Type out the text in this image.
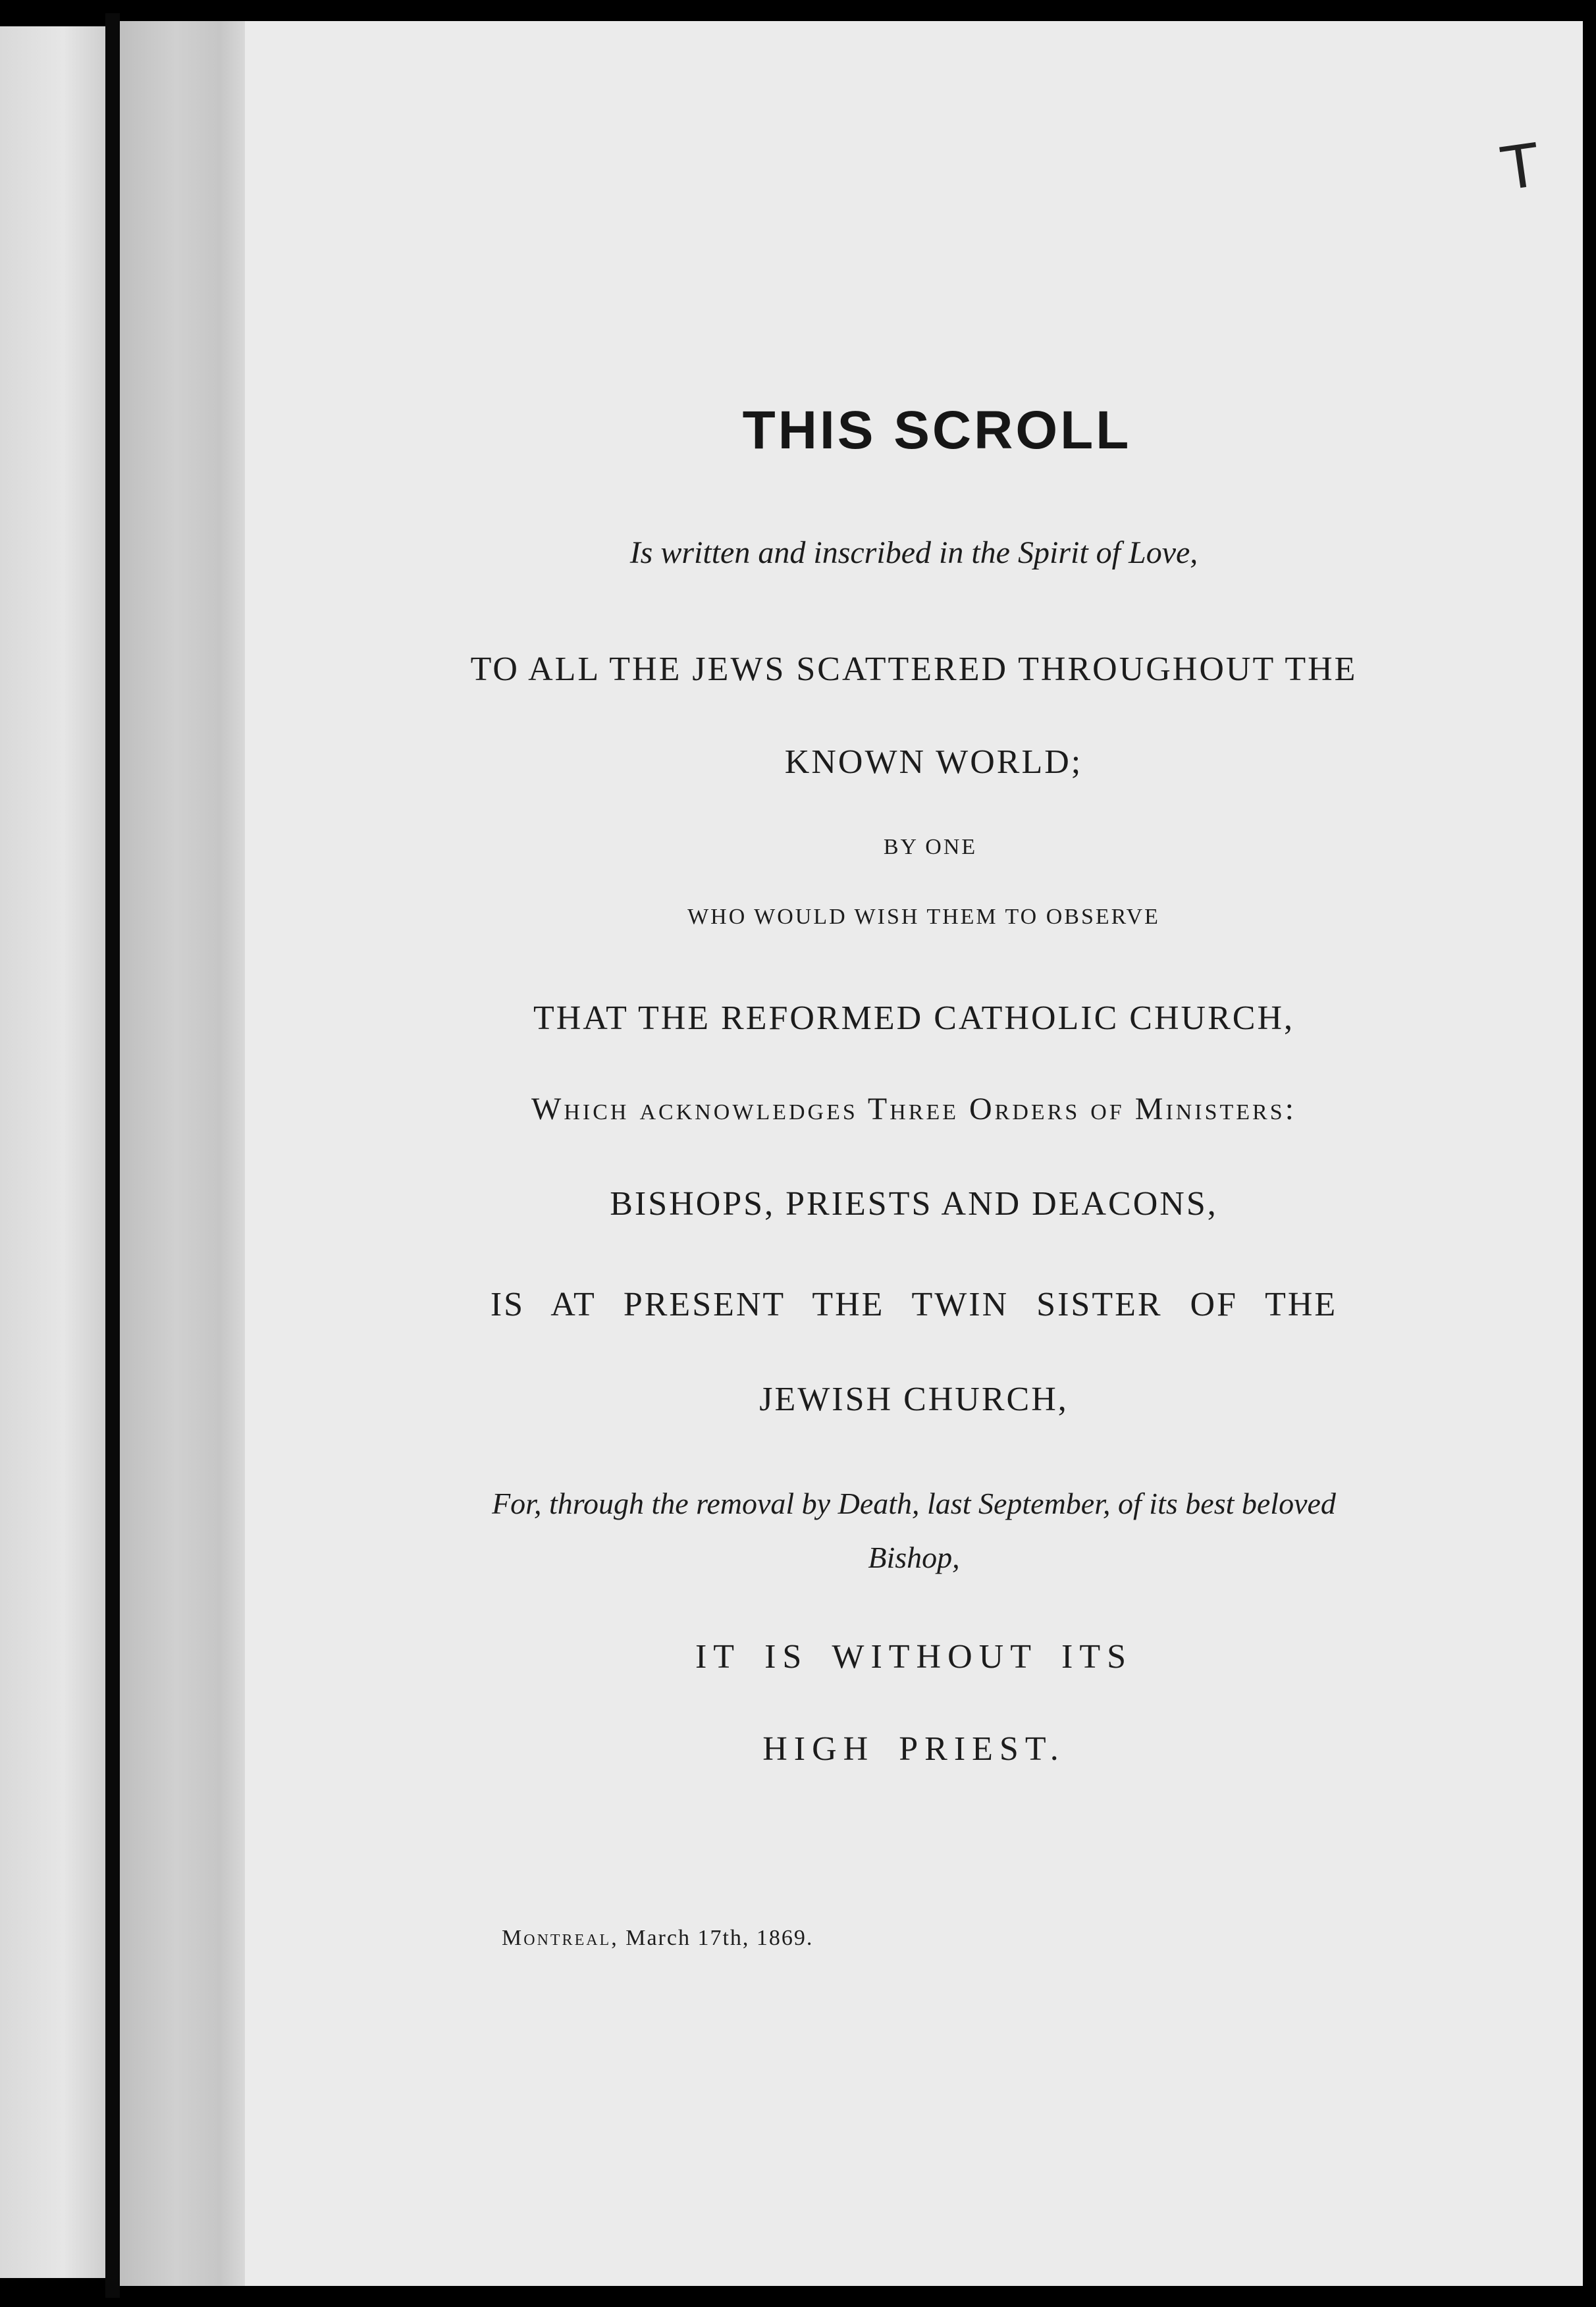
T
THIS SCROLL

Is written and inscribed in the Spirit of Love,

TO ALL THE JEWS SCATTERED THROUGHOUT THE

KNOWN WORLD;

BY ONE

WHO WOULD WISH THEM TO OBSERVE

THAT THE REFORMED CATHOLIC CHURCH,

Which acknowledges Three Orders of Ministers:

BISHOPS, PRIESTS AND DEACONS,

IS AT PRESENT THE TWIN SISTER OF THE

JEWISH CHURCH,

For, through the removal by Death, last September, of its best beloved

Bishop,

IT IS WITHOUT ITS

HIGH PRIEST.

Montreal, March 17th, 1869.
